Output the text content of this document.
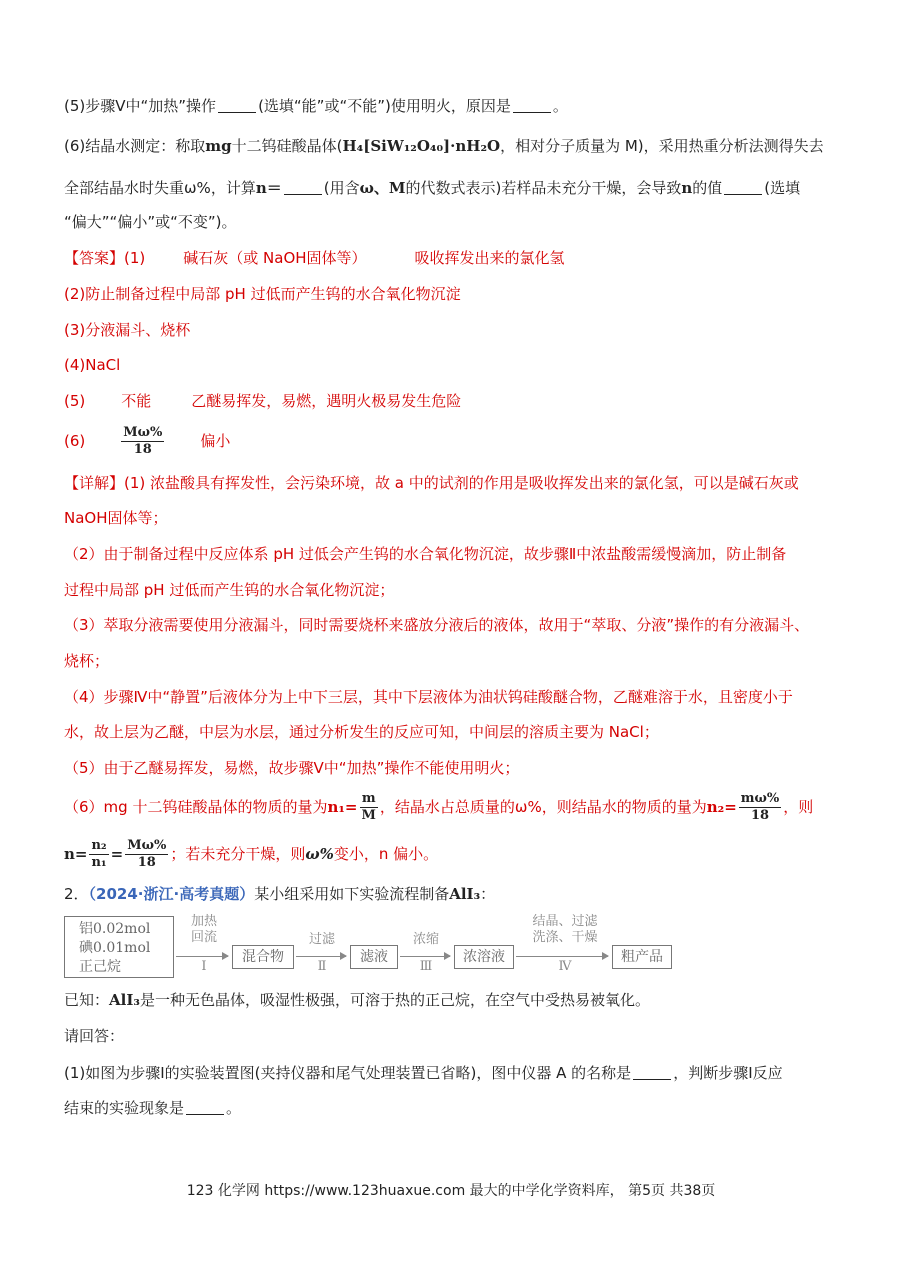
(5)步骤Ⅴ中“加热”操作	(选填“能”或“不能”)使用明火，原因是	。
(6)结晶水测定：称取mg十二钨硅酸晶体(H₄[SiW₁₂O₄₀]·nH₂O，相对分子质量为 M)，采用热重分析法测得失去
全部结晶水时失重ω%，计算n＝	(用含ω、M的代数式表示)若样品未充分干燥，会导致n的值	(选填
“偏大”“偏小”或“不变”)。
【答案】(1)	碱石灰（或 NaOH固体等）	吸收挥发出来的氯化氢
(2)防止制备过程中局部 pH 过低而产生钨的水合氧化物沉淀
(3)分液漏斗、烧杯
(4)NaCl
(5) 不能	乙醚易挥发，易燃，遇明火极易发生危险
(6)	$\frac{M\omega\%}{18}$ 偏小
【详解】(1) 浓盐酸具有挥发性，会污染环境，故 a 中的试剂的作用是吸收挥发出来的氯化氢，可以是碱石灰或
NaOH固体等；
（2）由于制备过程中反应体系 pH 过低会产生钨的水合氧化物沉淀，故步骤Ⅱ中浓盐酸需缓慢滴加，防止制备
过程中局部 pH 过低而产生钨的水合氧化物沉淀；
（3）萃取分液需要使用分液漏斗，同时需要烧杯来盛放分液后的液体，故用于“萃取、分液”操作的有分液漏斗、
烧杯；
（4）步骤Ⅳ中“静置”后液体分为上中下三层，其中下层液体为油状钨硅酸醚合物，乙醚难溶于水，且密度小于
水，故上层为乙醚，中层为水层，通过分析发生的反应可知，中间层的溶质主要为 NaCl；
（5）由于乙醚易挥发，易燃，故步骤Ⅴ中“加热”操作不能使用明火；
（6）mg 十二钨硅酸晶体的物质的量为$n_1= \frac{m}{M}$ ，结晶水占总质量的ω%，则结晶水的物质的量为$n_2= \frac{m\omega\%}{18}$ ，则
$n= \frac{\text{n₂}}{\text{n₁}} = \frac{M\omega\%}{18}$ ；若未充分干燥，则ω%变小，n 偏小。
2．（2024·浙江·高考真题）某小组采用如下实验流程制备AlI₃：
铝0.02mol
碘0.01mol
正己烷
加热
回流
Ⅰ
混合物
过滤
Ⅱ
滤液
浓缩
Ⅲ
浓溶液
结晶、过滤
洗涤、干燥
Ⅳ
粗产品
已知：AlI₃是一种无色晶体，吸湿性极强，可溶于热的正己烷，在空气中受热易被氧化。
请回答：
(1)如图为步骤Ⅰ的实验装置图(夹持仪器和尾气处理装置已省略)，图中仪器 A 的名称是	，判断步骤Ⅰ反应
结束的实验现象是	。
123 化学网 https://www.123huaxue.com 最大的中学化学资料库， 第5页 共38页
